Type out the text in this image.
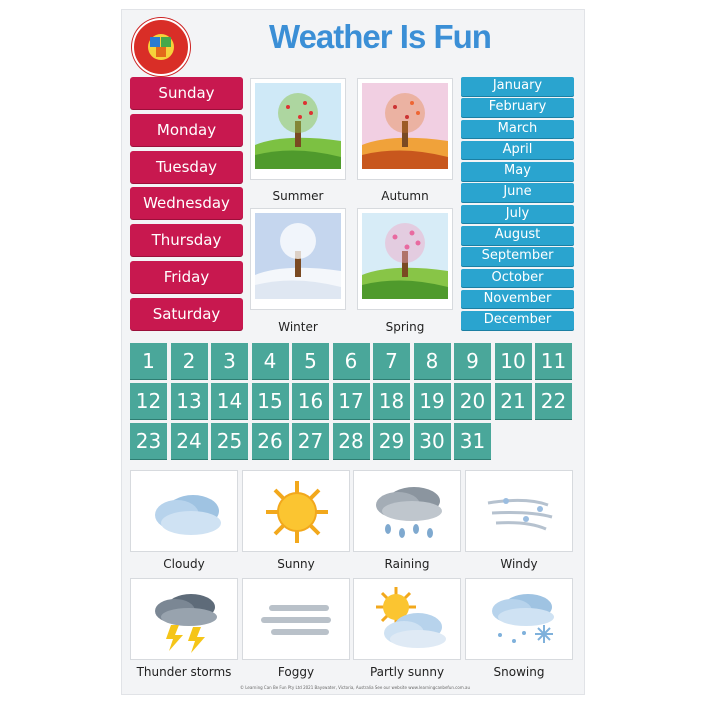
Weather Is Fun
Sunday
Monday
Tuesday
Wednesday
Thursday
Friday
Saturday
January
February
March
April
May
June
July
August
September
October
November
December
Summer	Autumn
Winter	Spring
1	2	3	4	5	6	7	8	9	10 11
12 13 14 15 16 17 18 19 20 21 22
23 24 25 26 27 28 29 30 31
Cloudy	Sunny	Raining	Windy
Thunder storms	Foggy	Partly sunny	Snowing
© Learning Can Be Fun Pty Ltd 2021 Bayswater, Victoria, Australia See our website www.learningcanbefun.com.au
